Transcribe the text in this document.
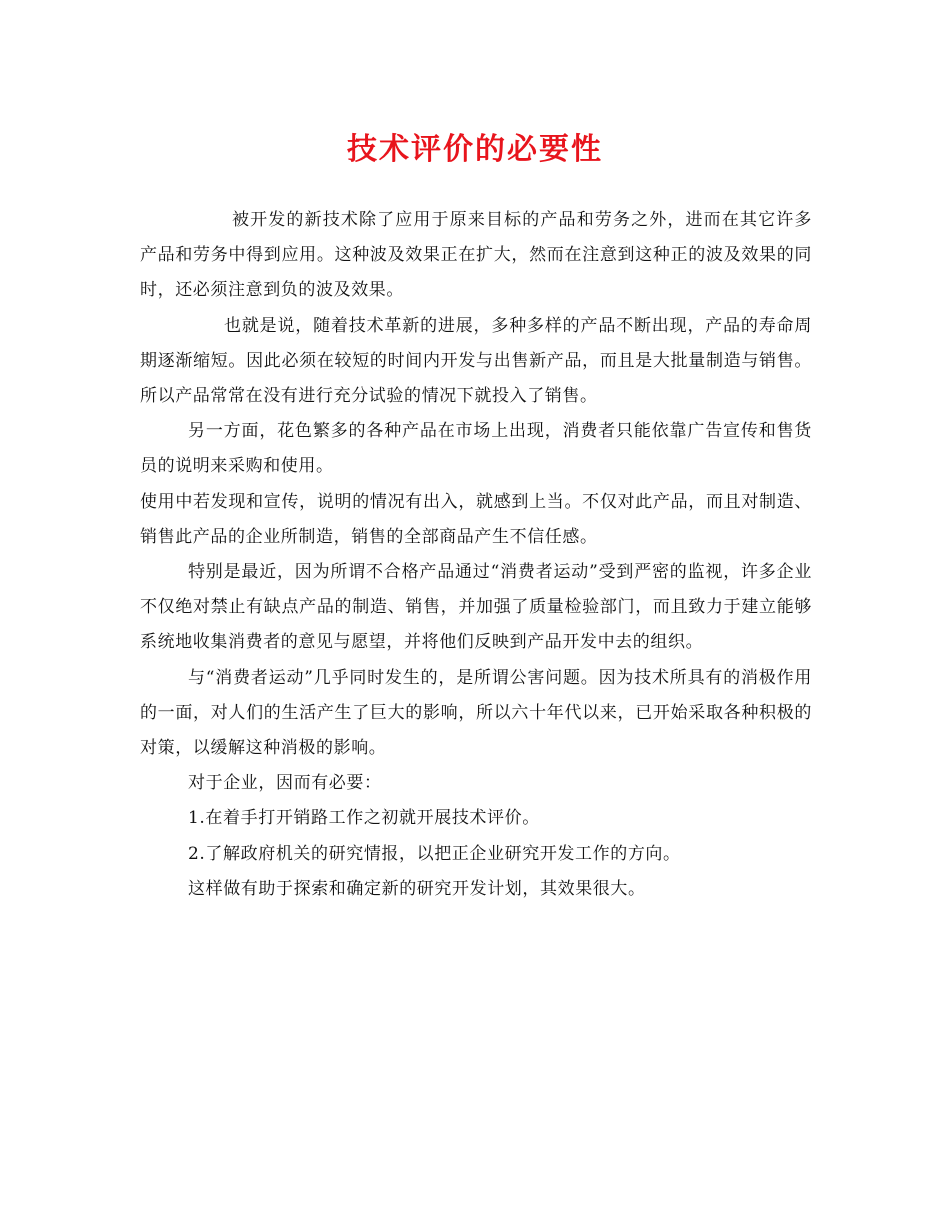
技术评价的必要性

被开发的新技术除了应用于原来目标的产品和劳务之外，进而在其它许多产品和劳务中得到应用。这种波及效果正在扩大，然而在注意到这种正的波及效果的同时，还必须注意到负的波及效果。

也就是说，随着技术革新的进展，多种多样的产品不断出现，产品的寿命周期逐渐缩短。因此必须在较短的时间内开发与出售新产品，而且是大批量制造与销售。所以产品常常在没有进行充分试验的情况下就投入了销售。

另一方面，花色繁多的各种产品在市场上出现，消费者只能依靠广告宣传和售货员的说明来采购和使用。

使用中若发现和宣传，说明的情况有出入，就感到上当。不仅对此产品，而且对制造、销售此产品的企业所制造，销售的全部商品产生不信任感。

特别是最近，因为所谓不合格产品通过“消费者运动”受到严密的监视，许多企业不仅绝对禁止有缺点产品的制造、销售，并加强了质量检验部门，而且致力于建立能够系统地收集消费者的意见与愿望，并将他们反映到产品开发中去的组织。

与“消费者运动”几乎同时发生的，是所谓公害问题。因为技术所具有的消极作用的一面，对人们的生活产生了巨大的影响，所以六十年代以来，已开始采取各种积极的对策，以缓解这种消极的影响。

对于企业，因而有必要：

1.在着手打开销路工作之初就开展技术评价。

2.了解政府机关的研究情报，以把正企业研究开发工作的方向。

这样做有助于探索和确定新的研究开发计划，其效果很大。
